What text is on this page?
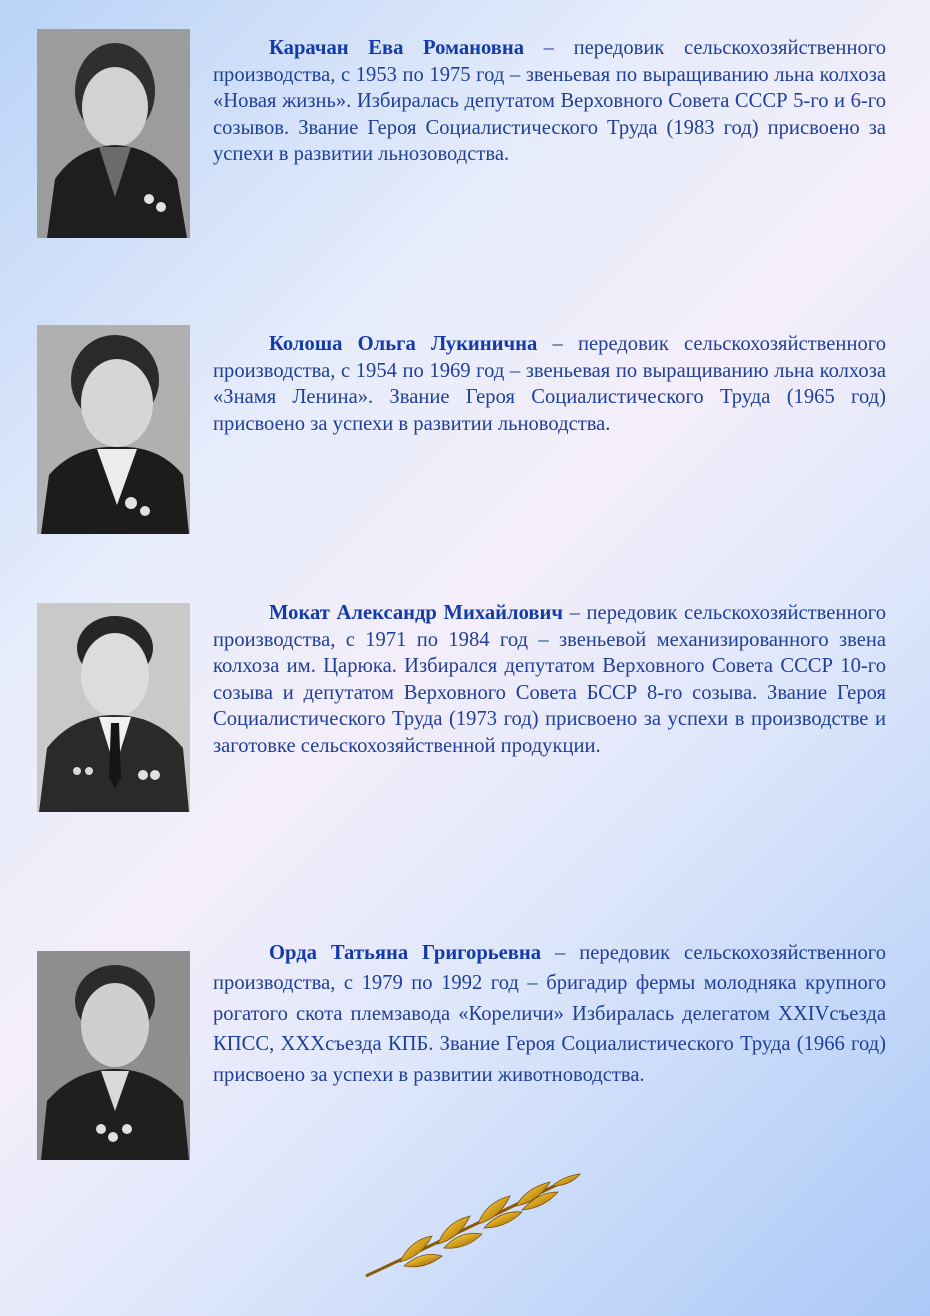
Карачан Ева Романовна – передовик сельскохозяйственного производства, с 1953 по 1975 год – звеньевая по выращиванию льна колхоза «Новая жизнь». Избиралась депутатом Верховного Совета СССР 5-го и 6-го созывов. Звание Героя Социалистического Труда (1983 год) присвоено за успехи в развитии льнозоводства.

Колоша Ольга Лукинична – передовик сельскохозяйственного производства, с 1954 по 1969 год – звеньевая по выращиванию льна колхоза «Знамя Ленина». Звание Героя Социалистического Труда (1965 год) присвоено за успехи в развитии льноводства.

Мокат Александр Михайлович – передовик сельскохозяйственного производства, с 1971 по 1984 год – звеньевой механизированного звена колхоза им. Царюка. Избирался депутатом Верховного Совета СССР 10-го созыва и депутатом Верховного Совета БССР 8-го созыва. Звание Героя Социалистического Труда (1973 год) присвоено за успехи в производстве и заготовке сельскохозяйственной продукции.

Орда Татьяна Григорьевна – передовик сельскохозяйственного производства, с 1979 по 1992 год – бригадир фермы молодняка крупного рогатого скота племзавода «Кореличи» Избиралась делегатом XXIVсъезда КПСС, XXXсъезда КПБ. Звание Героя Социалистического Труда (1966 год) присвоено за успехи в развитии животноводства.
